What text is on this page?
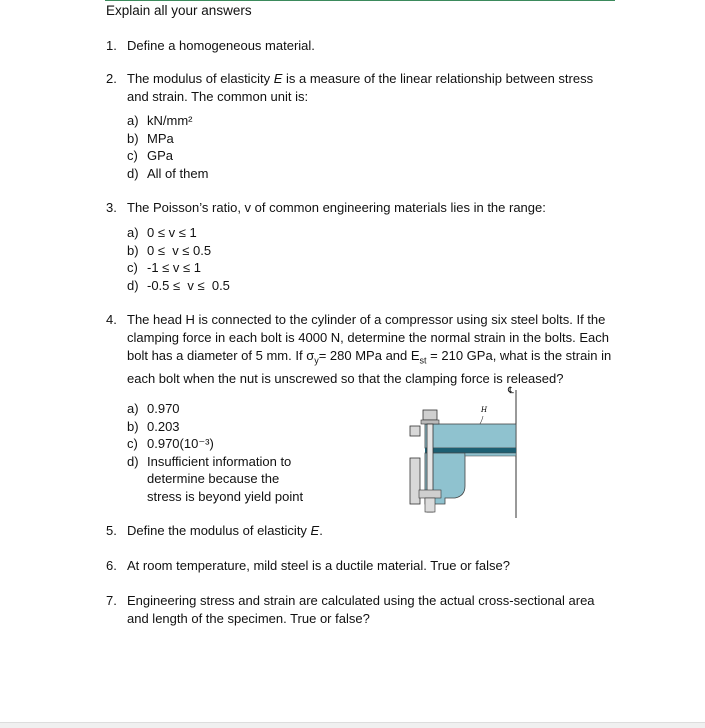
Explain all your answers
1. Define a homogeneous material.
2. The modulus of elasticity E is a measure of the linear relationship between stress and strain. The common unit is:
a) kN/mm²
b) MPa
c) GPa
d) All of them
3. The Poisson’s ratio, v of common engineering materials lies in the range:
a) 0 ≤ v ≤ 1
b) 0 ≤  v ≤ 0.5
c) -1 ≤ v ≤ 1
d) -0.5 ≤  v ≤  0.5
4. The head H is connected to the cylinder of a compressor using six steel bolts. If the clamping force in each bolt is 4000 N, determine the normal strain in the bolts. Each bolt has a diameter of 5 mm. If $\sigma_y= 280$ MPa and $E_{st} = 210$ GPa, what is the strain in each bolt when the nut is unscrewed so that the clamping force is released?
a) 0.970
b) 0.203
c) 0.970(10⁻³)
d) Insufficient information to
determine because the
stress is beyond yield point
℄
H
5. Define the modulus of elasticity E.
6. At room temperature, mild steel is a ductile material. True or false?
7. Engineering stress and strain are calculated using the actual cross-sectional area and length of the specimen. True or false?
